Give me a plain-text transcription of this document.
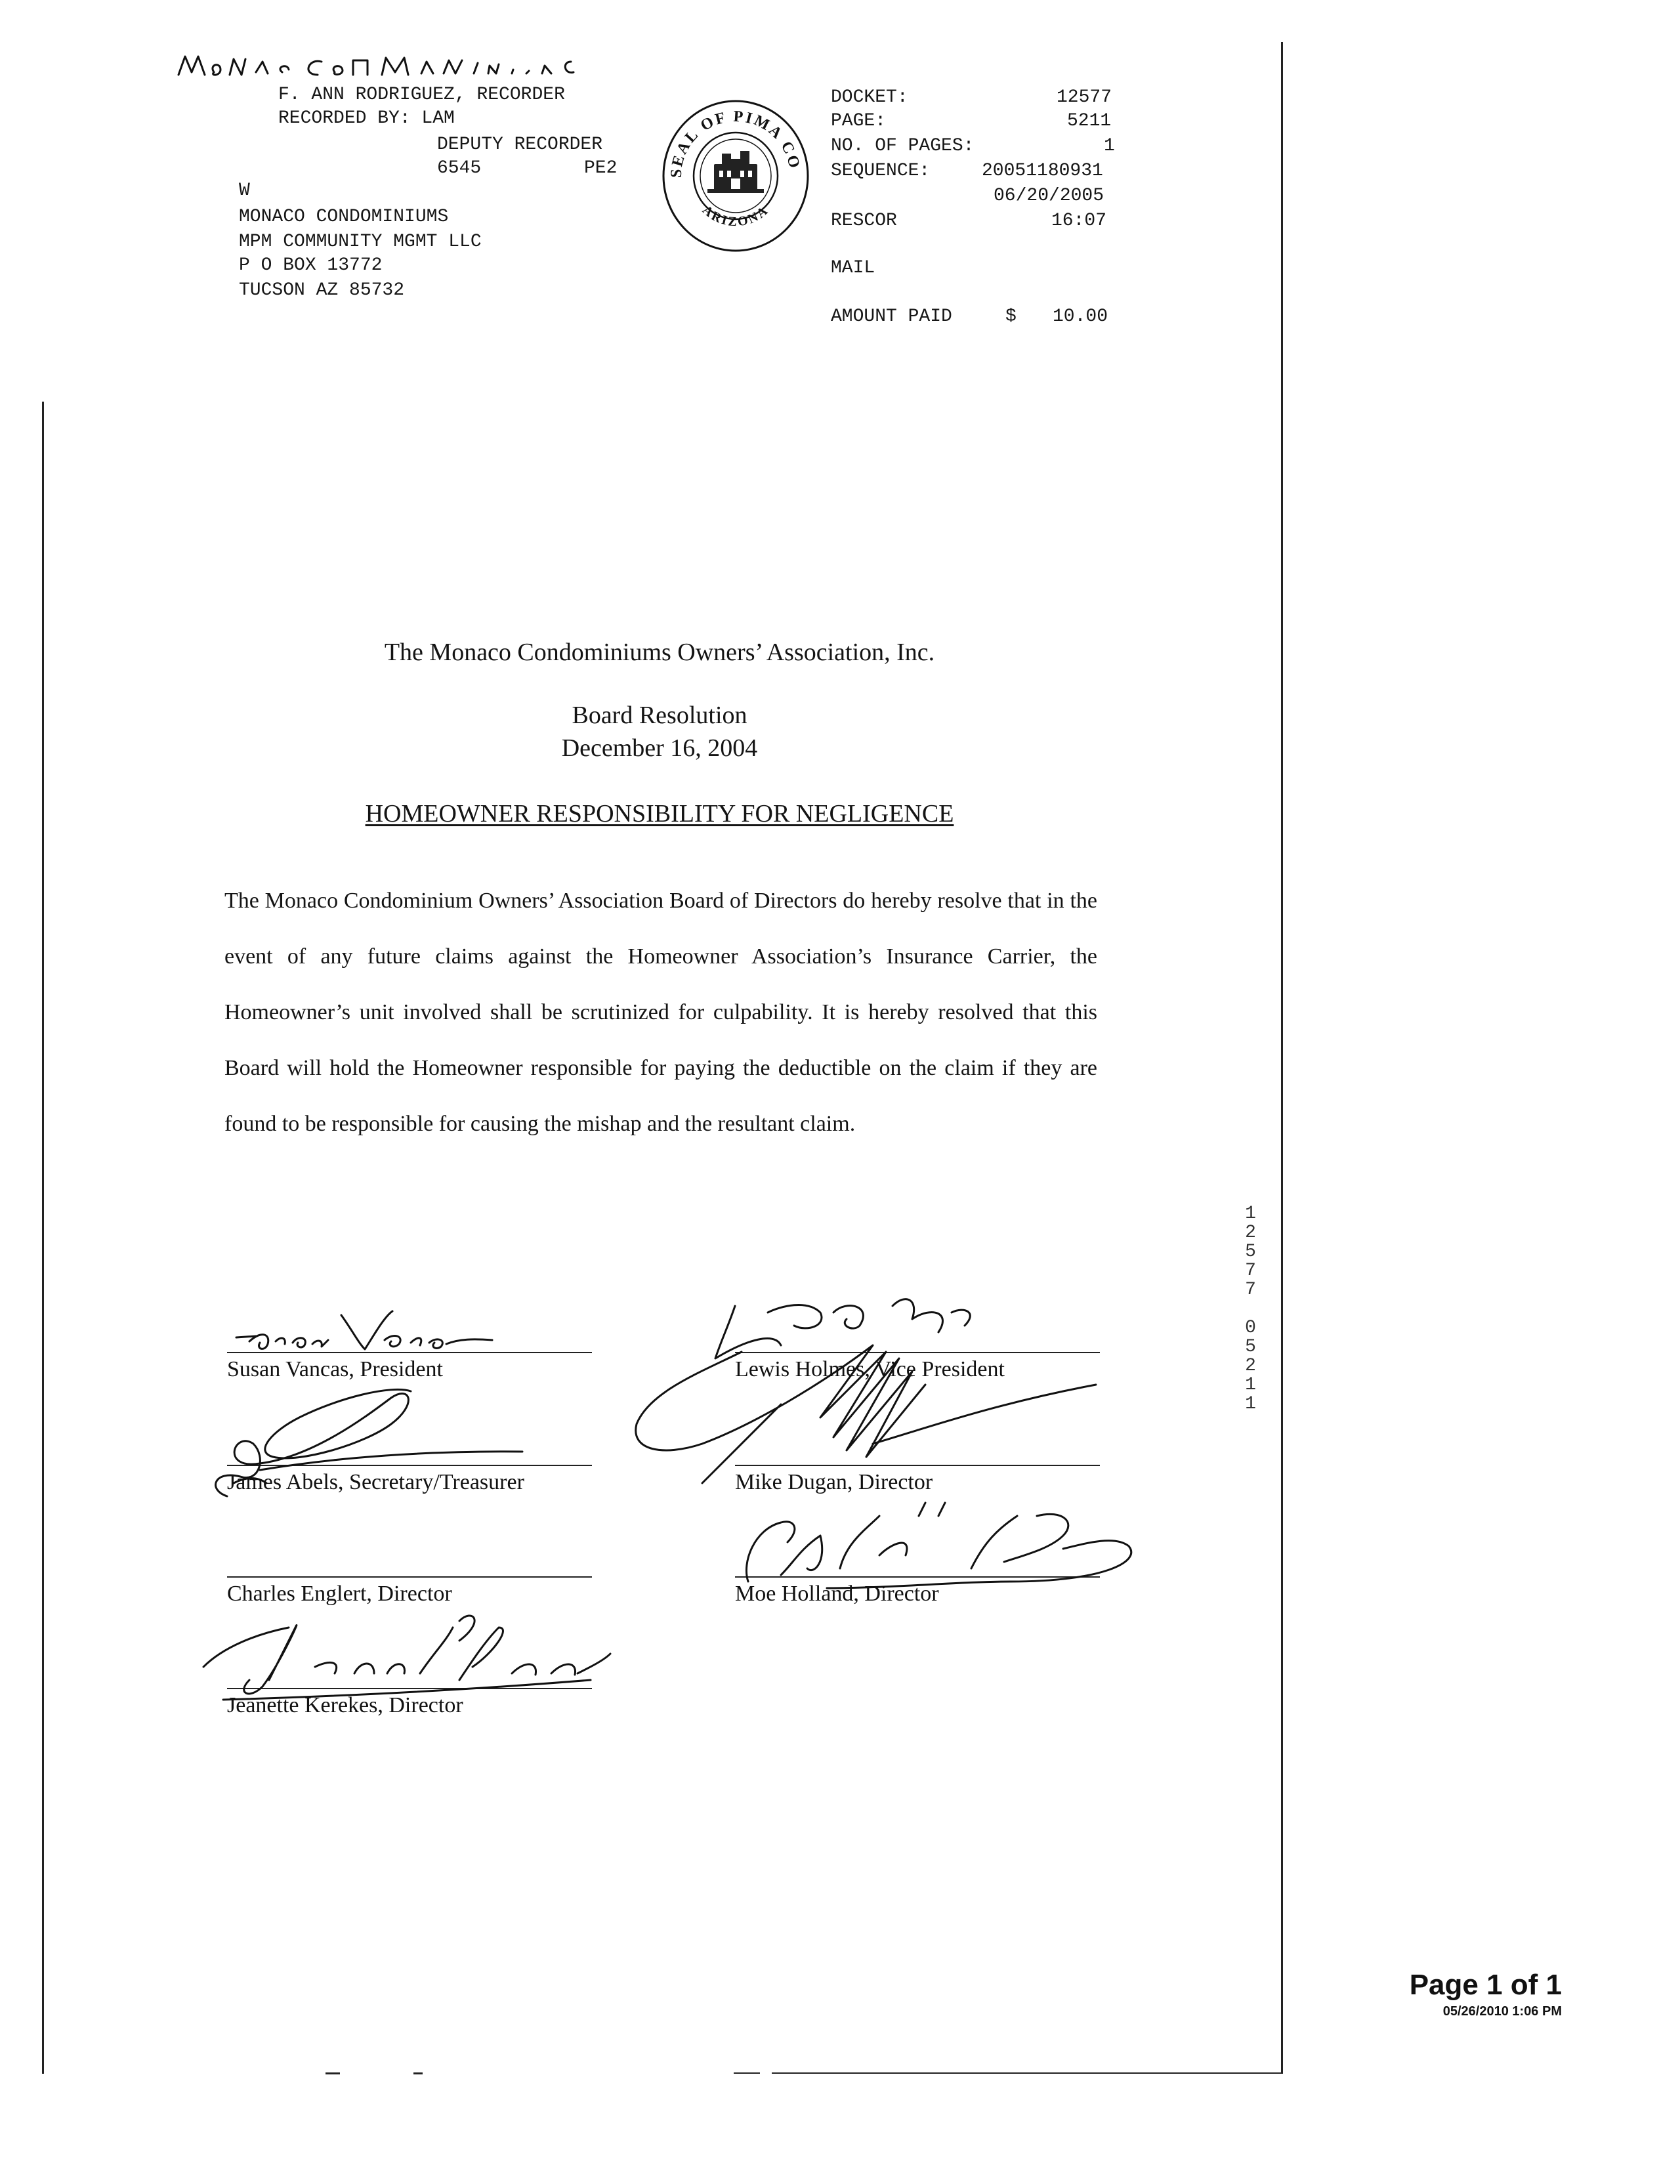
F. ANN RODRIGUEZ, RECORDER
RECORDED BY: LAM
DEPUTY RECORDER
6545	PE2
W
MONACO CONDOMINIUMS
MPM COMMUNITY MGMT LLC
P O BOX 13772
TUCSON AZ 85732
SEAL OF PIMA CO
ARIZONA
DOCKET:	12577
PAGE:	5211
NO. OF PAGES:	1
SEQUENCE:	20051180931
06/20/2005
RESCOR	16:07
MAIL
AMOUNT PAID	$ 10.00
The Monaco Condominiums Owners’ Association, Inc.
Board Resolution
December 16, 2004
HOMEOWNER RESPONSIBILITY FOR NEGLIGENCE

The Monaco Condominium Owners’ Association Board of Directors do hereby resolve that in the event of any future claims against the Homeowner Association’s Insurance Carrier, the Homeowner’s unit involved shall be scrutinized for culpability. It is hereby resolved that this Board will hold the Homeowner responsible for paying the deductible on the claim if they are found to be responsible for causing the mishap and the resultant claim.

12577 05211
Susan Vancas, President	Lewis Holmes, Vice President
James Abels, Secretary/Treasurer	Mike Dugan, Director
Charles Englert, Director	Moe Holland, Director
Jeanette Kerekes, Director
Page 1 of 1
05/26/2010 1:06 PM
